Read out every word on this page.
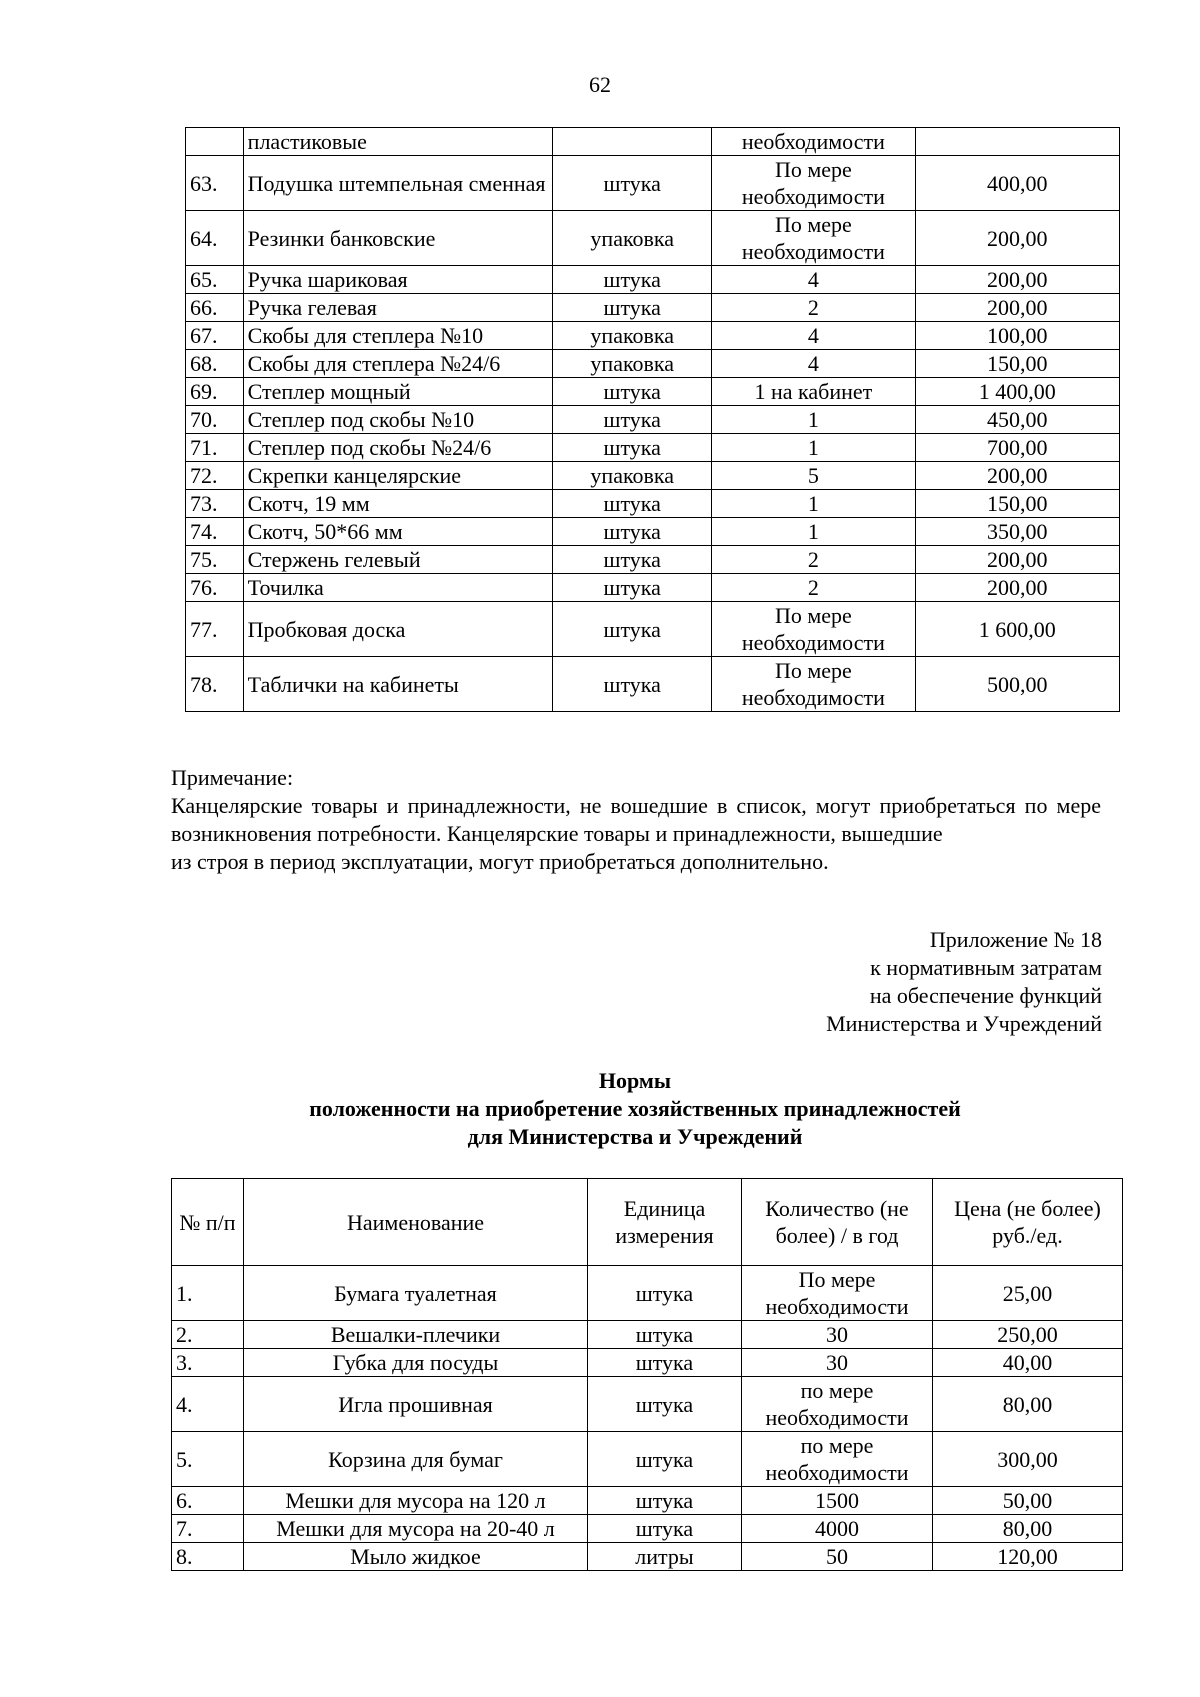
62
	пластиковые		необходимости	
63.	Подушка штемпельная сменная	штука	По мере необходимости	400,00
64.	Резинки банковские	упаковка	По мере необходимости	200,00
65.	Ручка шариковая	штука	4	200,00
66.	Ручка гелевая	штука	2	200,00
67.	Скобы для степлера №10	упаковка	4	100,00
68.	Скобы для степлера №24/6	упаковка	4	150,00
69.	Степлер мощный	штука	1 на кабинет	1 400,00
70.	Степлер под скобы №10	штука	1	450,00
71.	Степлер под скобы №24/6	штука	1	700,00
72.	Скрепки канцелярские	упаковка	5	200,00
73.	Скотч, 19 мм	штука	1	150,00
74.	Скотч, 50*66 мм	штука	1	350,00
75.	Стержень гелевый	штука	2	200,00
76.	Точилка	штука	2	200,00
77.	Пробковая доска	штука	По мере необходимости	1 600,00
78.	Таблички на кабинеты	штука	По мере необходимости	500,00

Примечание:

Канцелярские товары и принадлежности, не вошедшие в список, могут приобретаться по мере возникновения потребности. Канцелярские товары и принадлежности, вышедшие

из строя в период эксплуатации, могут приобретаться дополнительно.

Приложение № 18
к нормативным затратам
на обеспечение функций
Министерства и Учреждений
Нормы
положенности на приобретение хозяйственных принадлежностей
для Министерства и Учреждений
№ п/п	Наименование	Единица измерения	Количество (не более) / в год	Цена (не более) руб./ед.
1.	Бумага туалетная	штука	По мере необходимости	25,00
2.	Вешалки-плечики	штука	30	250,00
3.	Губка для посуды	штука	30	40,00
4.	Игла прошивная	штука	по мере необходимости	80,00
5.	Корзина для бумаг	штука	по мере необходимости	300,00
6.	Мешки для мусора на 120 л	штука	1500	50,00
7.	Мешки для мусора на 20-40 л	штука	4000	80,00
8.	Мыло жидкое	литры	50	120,00
